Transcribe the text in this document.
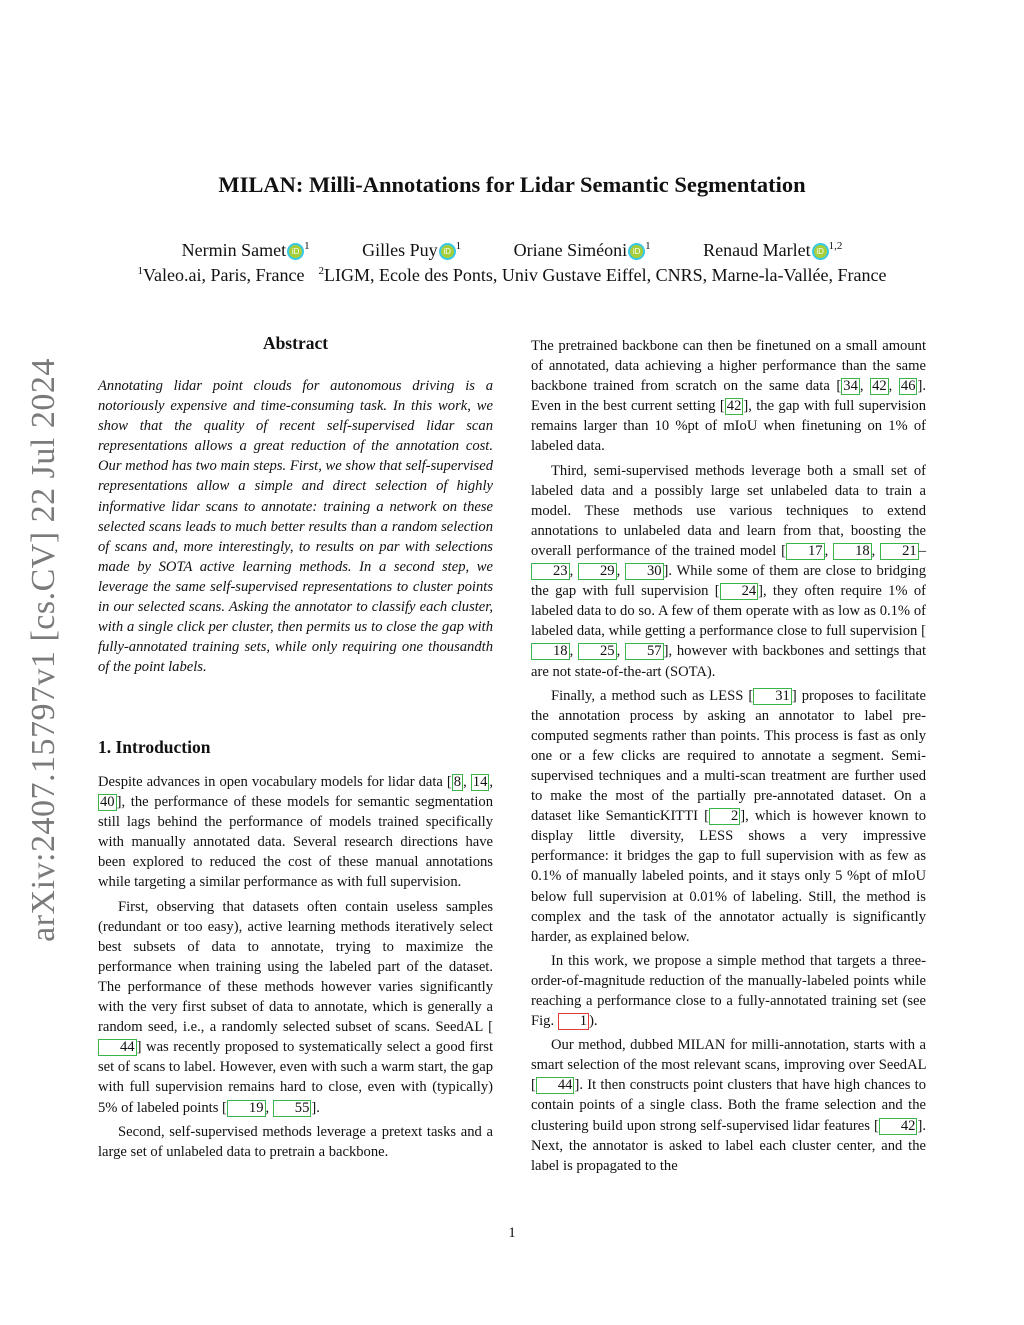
arXiv:2407.15797v1 [cs.CV] 22 Jul 2024
MILAN: Milli-Annotations for Lidar Semantic Segmentation
Nermin Samet iD $^1$	Gilles Puy iD $^1$	Oriane Siméoni iD $^1$	Renaud Marlet iD $^{1,2}$
$^1$Valeo.ai, Paris, France $^2$LIGM, Ecole des Ponts, Univ Gustave Eiffel, CNRS, Marne-la-Vallée, France
Abstract

Annotating lidar point clouds for autonomous driving is a notoriously expensive and time-consuming task. In this work, we show that the quality of recent self-supervised lidar scan representations allows a great reduction of the annotation cost. Our method has two main steps. First, we show that self-supervised representations allow a simple and direct selection of highly informative lidar scans to annotate: training a network on these selected scans leads to much better results than a random selection of scans and, more interestingly, to results on par with selections made by SOTA active learning methods. In a second step, we leverage the same self-supervised representations to cluster points in our selected scans. Asking the annotator to classify each cluster, with a single click per cluster, then permits us to close the gap with fully-annotated training sets, while only requiring one thousandth of the point labels.

1. Introduction

Despite advances in open vocabulary models for lidar data [ 8 , 14 , 40 ], the performance of these models for semantic segmentation still lags behind the performance of models trained specifically with manually annotated data. Several research directions have been explored to reduced the cost of these manual annotations while targeting a similar performance as with full supervision.

First, observing that datasets often contain useless samples (redundant or too easy), active learning methods iteratively select best subsets of data to annotate, trying to maximize the performance when training using the labeled part of the dataset. The performance of these methods however varies significantly with the very first subset of data to annotate, which is generally a random seed, i.e., a randomly selected subset of scans. SeedAL [44 ] was recently proposed to systematically select a good first set of scans to label. However, even with such a warm start, the gap with full supervision remains hard to close, even with (typically) 5% of labeled points [ 19 , 55 ].

Second, self-supervised methods leverage a pretext tasks and a large set of unlabeled data to pretrain a backbone.

The pretrained backbone can then be finetuned on a small amount of annotated, data achieving a higher performance than the same backbone trained from scratch on the same data [ 34 , 42 , 46 ]. Even in the best current setting [ 42 ], the gap with full supervision remains larger than 10 %pt of mIoU when finetuning on 1% of labeled data.

Third, semi-supervised methods leverage both a small set of labeled data and a possibly large set unlabeled data to train a model. These methods use various techniques to extend annotations to unlabeled data and learn from that, boosting the overall performance of the trained model [ 17 , 18 , 21 –23 , 29 , 30 ]. While some of them are close to bridging the gap with full supervision [ 24 ], they often require 1% of labeled data to do so. A few of them operate with as low as 0.1% of labeled data, while getting a performance close to full supervision [18 , 25 , 57 ], however with backbones and settings that are not state-of-the-art (SOTA).

Finally, a method such as LESS [ 31 ] proposes to facilitate the annotation process by asking an annotator to label pre-computed segments rather than points. This process is fast as only one or a few clicks are required to annotate a segment. Semi-supervised techniques and a multi-scan treatment are further used to make the most of the partially pre-annotated dataset. On a dataset like SemanticKITTI [ 2 ], which is however known to display little diversity, LESS shows a very impressive performance: it bridges the gap to full supervision with as few as 0.1% of manually labeled points, and it stays only 5 %pt of mIoU below full supervision at 0.01% of labeling. Still, the method is complex and the task of the annotator actually is significantly harder, as explained below.

In this work, we propose a simple method that targets a three-order-of-magnitude reduction of the manually-labeled points while reaching a performance close to a fully-annotated training set (see Fig. 1 ).

Our method, dubbed MILAN for milli-annotation, starts with a smart selection of the most relevant scans, improving over SeedAL [ 44 ]. It then constructs point clusters that have high chances to contain points of a single class. Both the frame selection and the clustering build upon strong self-supervised lidar features [ 42 ]. Next, the annotator is asked to label each cluster center, and the label is propagated to the

1
